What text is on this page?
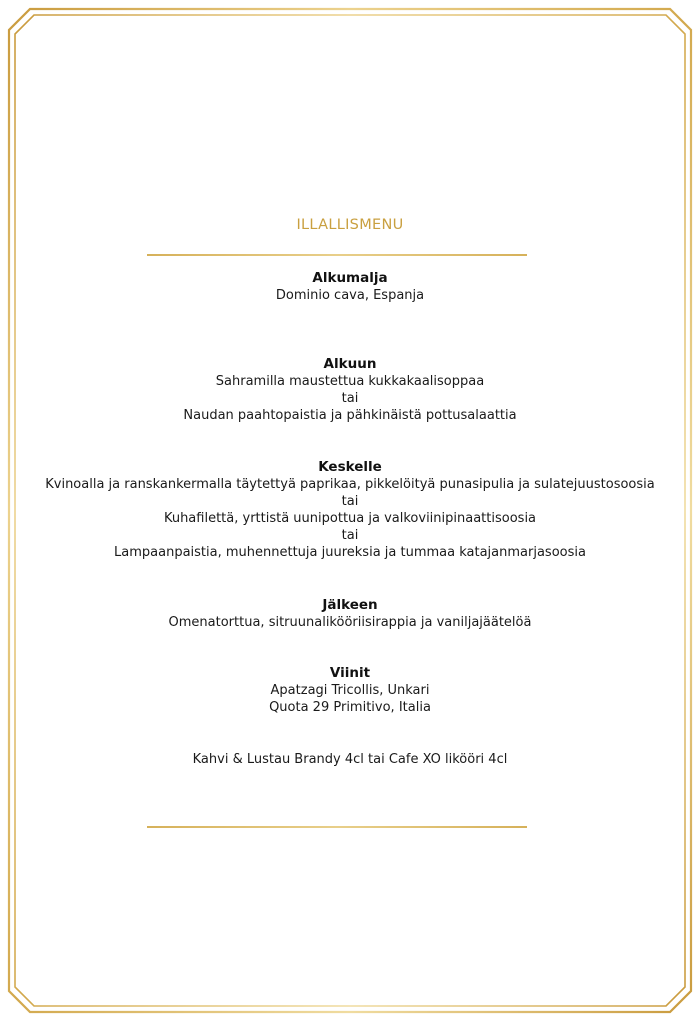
ILLALLISMENU
Alkumalja
Dominio cava, Espanja
Alkuun
Sahramilla maustettua kukkakaalisoppaa
tai
Naudan paahtopaistia ja pähkinäistä pottusalaattia
Keskelle
Kvinoalla ja ranskankermalla täytettyä paprikaa, pikkelöityä punasipulia ja sulatejuustosoosia
tai
Kuhafilettä, yrttistä uunipottua ja valkoviinipinaattisoosia
tai
Lampaanpaistia, muhennettuja juureksia ja tummaa katajanmarjasoosia
Jälkeen
Omenatorttua, sitruunalikööriisirappia ja vaniljajäätelöä
Viinit
Apatzagi Tricollis, Unkari
Quota 29 Primitivo, Italia
Kahvi & Lustau Brandy 4cl tai Cafe XO likööri 4cl
